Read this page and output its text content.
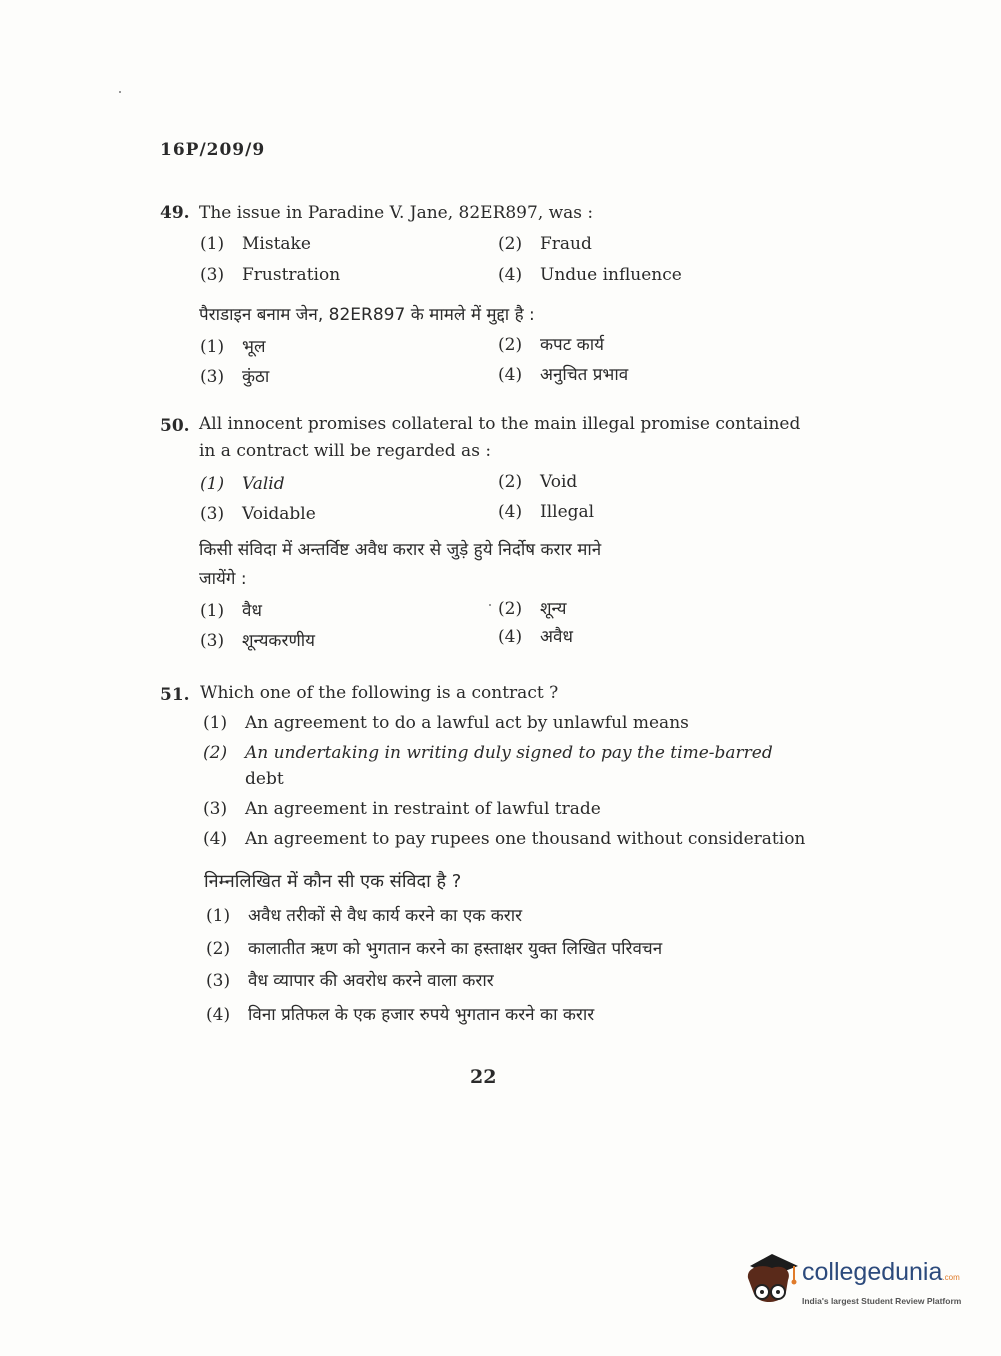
16P/209/9
49. The issue in Paradine V. Jane, 82ER897, was :
(1) Mistake	(2) Fraud
(3) Frustration	(4) Undue influence
पैराडाइन बनाम जेन, 82ER897 के मामले में मुद्दा है :
(1) भूल	(2) कपट कार्य
(3) कुंठा	(4) अनुचित प्रभाव
50. All innocent promises collateral to the main illegal promise contained
in a contract will be regarded as :
(1) Valid	(2) Void
(3) Voidable	(4) Illegal
किसी संविदा में अन्तर्विष्ट अवैध करार से जुड़े हुये निर्दोष करार माने
जायेंगे :
(1) वैध	(2) शून्य
(3) शून्यकरणीय	(4) अवैध
51. Which one of the following is a contract ?
(1) An agreement to do a lawful act by unlawful means
(2) An undertaking in writing duly signed to pay the time-barred
debt
(3) An agreement in restraint of lawful trade
(4) An agreement to pay rupees one thousand without consideration
निम्नलिखित में कौन सी एक संविदा है ?
(1) अवैध तरीकों से वैध कार्य करने का एक करार
(2) कालातीत ऋण को भुगतान करने का हस्ताक्षर युक्त लिखित परिवचन
(3) वैध व्यापार की अवरोध करने वाला करार
(4) विना प्रतिफल के एक हजार रुपये भुगतान करने का करार
22
collegedunia.com
India's largest Student Review Platform
